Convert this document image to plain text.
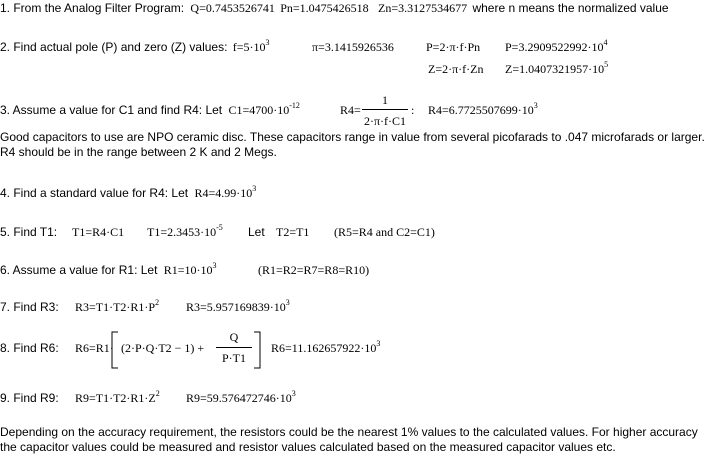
1. From the Analog Filter Program: Q=0.7453526741 Pn=1.0475426518 Zn=3.3127534677 where n means the normalized value
2. Find actual pole (P) and zero (Z) values: $f=5\cdot 10^3$	π=3.1415926536	P=2·π·f·Pn $P=3.2909522992\cdot 10^4$
Z=2·π·f·Zn $Z=1.0407321957\cdot 10^5$
3. Assume a value for C1 and find R4: Let $C1=4700\cdot 10^{-12}$	R4=
1
2·π·f·C1
: $R4=6.7725507699\cdot 10^3$
Good capacitors to use are NPO ceramic disc. These capacitors range in value from several picofarads to .047 microfarads or larger. R4 should be in the range between 2 K and 2 Megs.
4. Find a standard value for R4: Let $R4=4.99\cdot 10^3$
5. Find T1: T1=R4·C1 $T1=2.3453\cdot 10^{-5}$ Let T2=T1 (R5=R4 and C2=C1)
6. Assume a value for R1: Let $R1=10\cdot 10^3$	(R1=R2=R7=R8=R10)
7. Find R3: $R3=T1\cdot T2\cdot R1\cdot P^2$ $R3=5.957169839\cdot 10^3$
8. Find R6: R6=R1· (2·P·Q·T2 − 1) +
Q
P·T1
$R6=11.162657922\cdot 10^3$
9. Find R9: $R9=T1\cdot T2\cdot R1\cdot Z^2$ $R9=59.576472746\cdot 10^3$
Depending on the accuracy requirement, the resistors could be the nearest 1% values to the calculated values. For higher accuracy the capacitor values could be measured and resistor values calculated based on the measured capacitor values etc.
